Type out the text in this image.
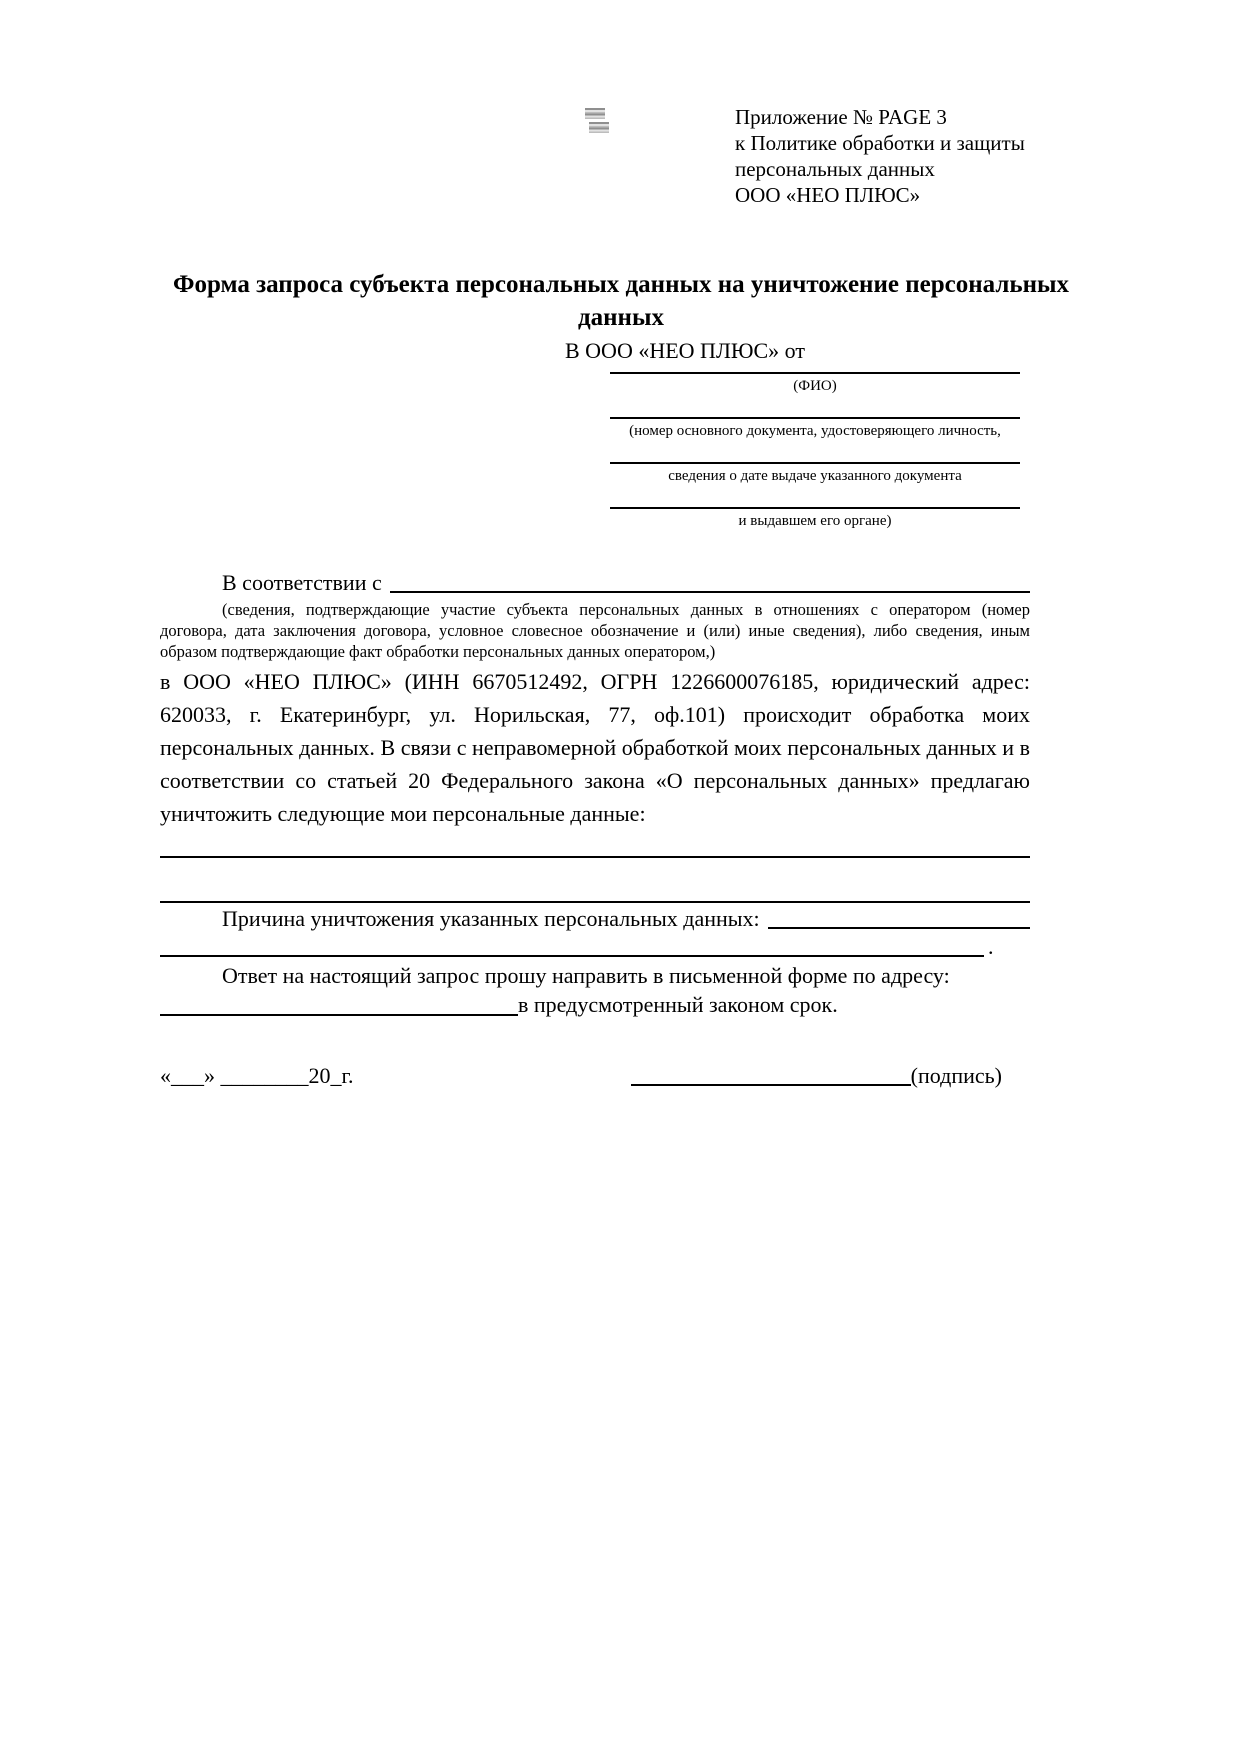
Приложение № PAGE 3
к Политике обработки и защиты
персональных данных
ООО «НЕО ПЛЮС»
Форма запроса субъекта персональных данных на уничтожение персональных данных
В ООО «НЕО ПЛЮС» от
(ФИО)
(номер основного документа, удостоверяющего личность,
сведения о дате выдаче указанного документа
и выдавшем его органе)
В соответствии с
(сведения, подтверждающие участие субъекта персональных данных в отношениях с оператором (номер договора, дата заключения договора, условное словесное обозначение и (или) иные сведения), либо сведения, иным образом подтверждающие факт обработки персональных данных оператором,)
в ООО «НЕО ПЛЮС» (ИНН 6670512492, ОГРН 1226600076185, юридический адрес: 620033, г. Екатеринбург, ул. Норильская, 77, оф.101) происходит обработка моих персональных данных. В связи с неправомерной обработкой моих персональных данных и в соответствии со статьей 20 Федерального закона «О персональных данных» предлагаю уничтожить следующие мои персональные данные:
Причина уничтожения указанных персональных данных:
.
Ответ на настоящий запрос прошу направить в письменной форме по адресу:
в предусмотренный законом срок.
«___» ________20_г.	(подпись)
